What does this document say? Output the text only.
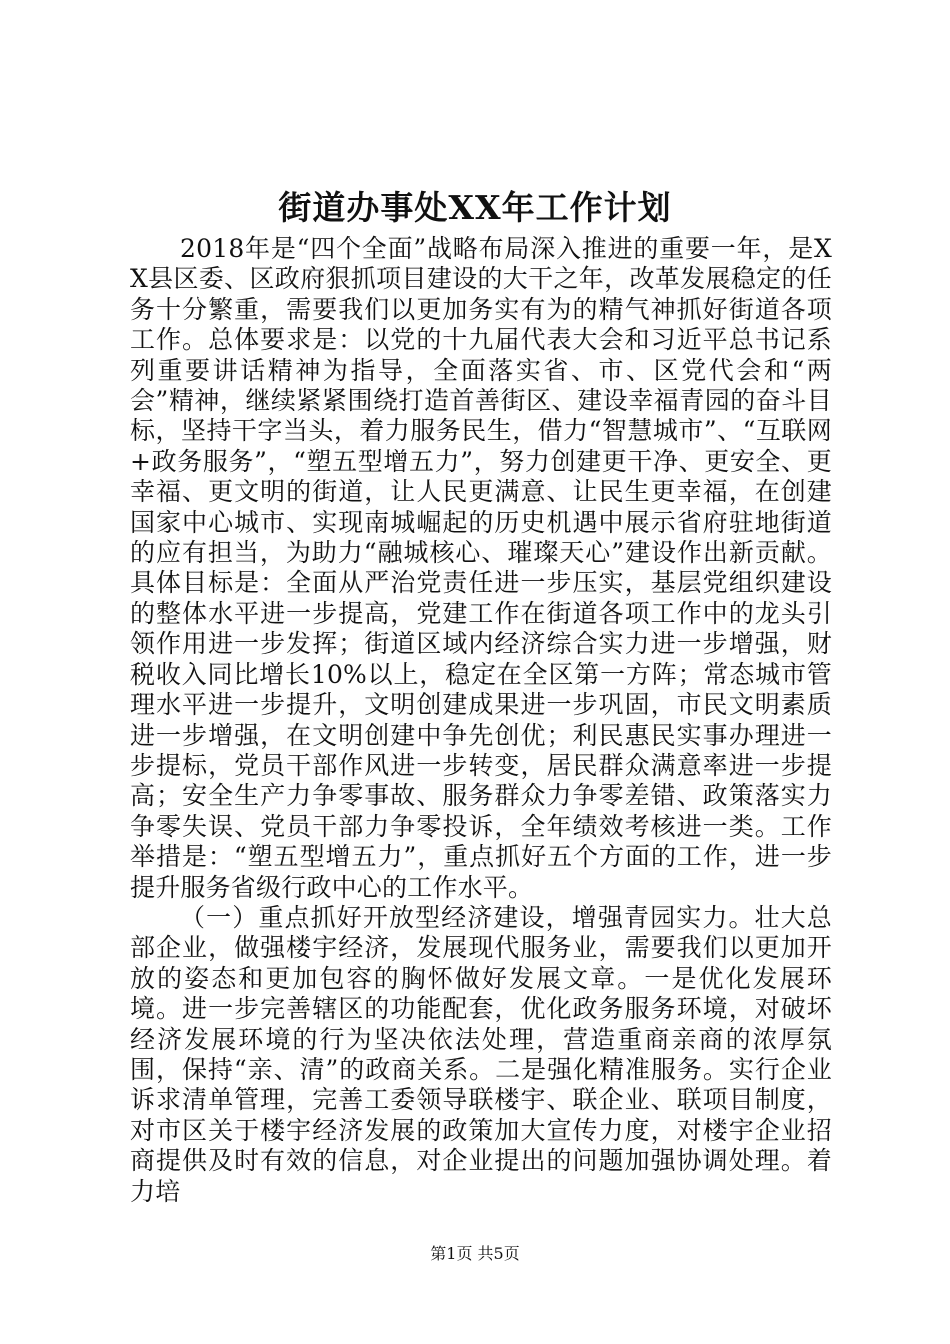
街道办事处XX年工作计划

2018年是“四个全面”战略布局深入推进的重要一年，是XX县区委、区政府狠抓项目建设的大干之年，改革发展稳定的任务十分繁重，需要我们以更加务实有为的精气神抓好街道各项工作。总体要求是：以党的十九届代表大会和习近平总书记系列重要讲话精神为指导，全面落实省、市、区党代会和“两会”精神，继续紧紧围绕打造首善街区、建设幸福青园的奋斗目标，坚持干字当头，着力服务民生，借力“智慧城市”、“互联网+政务服务”，“塑五型增五力”，努力创建更干净、更安全、更幸福、更文明的街道，让人民更满意、让民生更幸福，在创建国家中心城市、实现南城崛起的历史机遇中展示省府驻地街道的应有担当，为助力“融城核心、璀璨天心”建设作出新贡献。具体目标是：全面从严治党责任进一步压实，基层党组织建设的整体水平进一步提高，党建工作在街道各项工作中的龙头引领作用进一步发挥；街道区域内经济综合实力进一步增强，财税收入同比增长10%以上，稳定在全区第一方阵；常态城市管理水平进一步提升，文明创建成果进一步巩固，市民文明素质进一步增强，在文明创建中争先创优；利民惠民实事办理进一步提标，党员干部作风进一步转变，居民群众满意率进一步提高；安全生产力争零事故、服务群众力争零差错、政策落实力争零失误、党员干部力争零投诉，全年绩效考核进一类。工作举措是：“塑五型增五力”，重点抓好五个方面的工作，进一步提升服务省级行政中心的工作水平。

（一）重点抓好开放型经济建设，增强青园实力。壮大总部企业，做强楼宇经济，发展现代服务业，需要我们以更加开放的姿态和更加包容的胸怀做好发展文章。一是优化发展环境。进一步完善辖区的功能配套，优化政务服务环境，对破坏经济发展环境的行为坚决依法处理，营造重商亲商的浓厚氛围，保持“亲、清”的政商关系。二是强化精准服务。实行企业诉求清单管理，完善工委领导联楼宇、联企业、联项目制度，对市区关于楼宇经济发展的政策加大宣传力度，对楼宇企业招商提供及时有效的信息，对企业提出的问题加强协调处理。着力培

第1页 共5页
